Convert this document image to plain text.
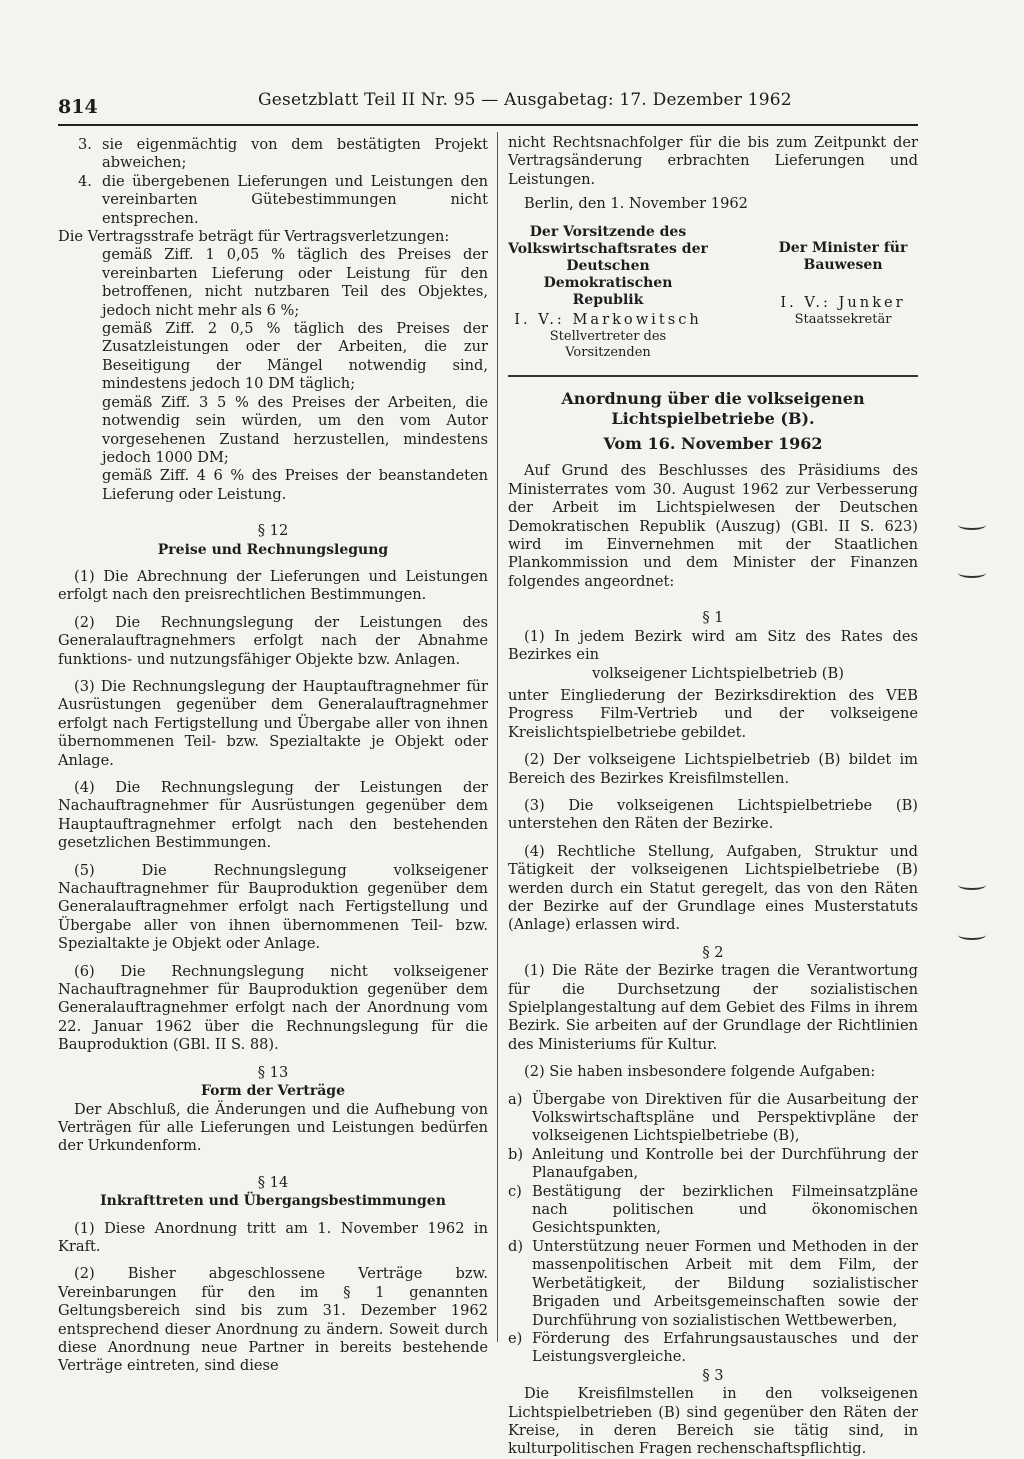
814	Gesetzblatt Teil II Nr. 95 — Ausgabetag: 17. Dezember 1962
3. sie eigenmächtig von dem bestätigten Projekt abweichen;
4. die übergebenen Lieferungen und Leistungen den vereinbarten Gütebestimmungen nicht entsprechen.

Die Vertragsstrafe beträgt für Vertragsverletzungen:

gemäß Ziff. 1 0,05 % täglich des Preises der vereinbarten Lieferung oder Leistung für den betroffenen, nicht nutzbaren Teil des Objektes, jedoch nicht mehr als 6 %;

gemäß Ziff. 2 0,5 % täglich des Preises der Zusatzleistungen oder der Arbeiten, die zur Beseitigung der Mängel notwendig sind, mindestens jedoch 10 DM täglich;

gemäß Ziff. 3 5 % des Preises der Arbeiten, die notwendig sein würden, um den vom Autor vorgesehenen Zustand herzustellen, mindestens jedoch 1000 DM;

gemäß Ziff. 4 6 % des Preises der beanstandeten Lieferung oder Leistung.

§ 12

Preise und Rechnungslegung

(1) Die Abrechnung der Lieferungen und Leistungen erfolgt nach den preisrechtlichen Bestimmungen.

(2) Die Rechnungslegung der Leistungen des Generalauftragnehmers erfolgt nach der Abnahme funktions- und nutzungsfähiger Objekte bzw. Anlagen.

(3) Die Rechnungslegung der Hauptauftragnehmer für Ausrüstungen gegenüber dem Generalauftragnehmer erfolgt nach Fertigstellung und Übergabe aller von ihnen übernommenen Teil- bzw. Spezialtakte je Objekt oder Anlage.

(4) Die Rechnungslegung der Leistungen der Nachauftragnehmer für Ausrüstungen gegenüber dem Hauptauftragnehmer erfolgt nach den bestehenden gesetzlichen Bestimmungen.

(5) Die Rechnungslegung volkseigener Nachauftragnehmer für Bauproduktion gegenüber dem Generalauftragnehmer erfolgt nach Fertigstellung und Übergabe aller von ihnen übernommenen Teil- bzw. Spezialtakte je Objekt oder Anlage.

(6) Die Rechnungslegung nicht volkseigener Nachauftragnehmer für Bauproduktion gegenüber dem Generalauftragnehmer erfolgt nach der Anordnung vom 22. Januar 1962 über die Rechnungslegung für die Bauproduktion (GBl. II S. 88).

§ 13

Form der Verträge

Der Abschluß, die Änderungen und die Aufhebung von Verträgen für alle Lieferungen und Leistungen bedürfen der Urkundenform.

§ 14

Inkrafttreten und Übergangsbestimmungen

(1) Diese Anordnung tritt am 1. November 1962 in Kraft.

(2) Bisher abgeschlossene Verträge bzw. Vereinbarungen für den im § 1 genannten Geltungsbereich sind bis zum 31. Dezember 1962 entsprechend dieser Anordnung zu ändern. Soweit durch diese Anordnung neue Partner in bereits bestehende Verträge eintreten, sind diese

nicht Rechtsnachfolger für die bis zum Zeitpunkt der Vertragsänderung erbrachten Lieferungen und Leistungen.

Berlin, den 1. November 1962

Der Vorsitzende des Volkswirtschaftsrates der Deutschen Demokratischen Republik
I. V.: Markowitsch
Stellvertreter des Vorsitzenden
Der Minister für Bauwesen
I. V.: Junker
Staatssekretär

Anordnung über die volkseigenen Lichtspielbetriebe (B).

Vom 16. November 1962

Auf Grund des Beschlusses des Präsidiums des Ministerrates vom 30. August 1962 zur Verbesserung der Arbeit im Lichtspielwesen der Deutschen Demokratischen Republik (Auszug) (GBl. II S. 623) wird im Einvernehmen mit der Staatlichen Plankommission und dem Minister der Finanzen folgendes angeordnet:

§ 1

(1) In jedem Bezirk wird am Sitz des Rates des Bezirkes ein

volkseigener Lichtspielbetrieb (B)

unter Eingliederung der Bezirksdirektion des VEB Progress Film-Vertrieb und der volkseigene Kreislichtspielbetriebe gebildet.

(2) Der volkseigene Lichtspielbetrieb (B) bildet im Bereich des Bezirkes Kreisfilmstellen.

(3) Die volkseigenen Lichtspielbetriebe (B) unterstehen den Räten der Bezirke.

(4) Rechtliche Stellung, Aufgaben, Struktur und Tätigkeit der volkseigenen Lichtspielbetriebe (B) werden durch ein Statut geregelt, das von den Räten der Bezirke auf der Grundlage eines Musterstatuts (Anlage) erlassen wird.

§ 2

(1) Die Räte der Bezirke tragen die Verantwortung für die Durchsetzung der sozialistischen Spielplangestaltung auf dem Gebiet des Films in ihrem Bezirk. Sie arbeiten auf der Grundlage der Richtlinien des Ministeriums für Kultur.

(2) Sie haben insbesondere folgende Aufgaben:

a) Übergabe von Direktiven für die Ausarbeitung der Volkswirtschaftspläne und Perspektivpläne der volkseigenen Lichtspielbetriebe (B),
b) Anleitung und Kontrolle bei der Durchführung der Planaufgaben,
c) Bestätigung der bezirklichen Filmeinsatzpläne nach politischen und ökonomischen Gesichtspunkten,
d) Unterstützung neuer Formen und Methoden in der massenpolitischen Arbeit mit dem Film, der Werbetätigkeit, der Bildung sozialistischer Brigaden und Arbeitsgemeinschaften sowie der Durchführung von sozialistischen Wettbewerben,
e) Förderung des Erfahrungsaustausches und der Leistungsvergleiche.

§ 3

Die Kreisfilmstellen in den volkseigenen Lichtspielbetrieben (B) sind gegenüber den Räten der Kreise, in deren Bereich sie tätig sind, in kulturpolitischen Fragen rechenschaftspflichtig.
